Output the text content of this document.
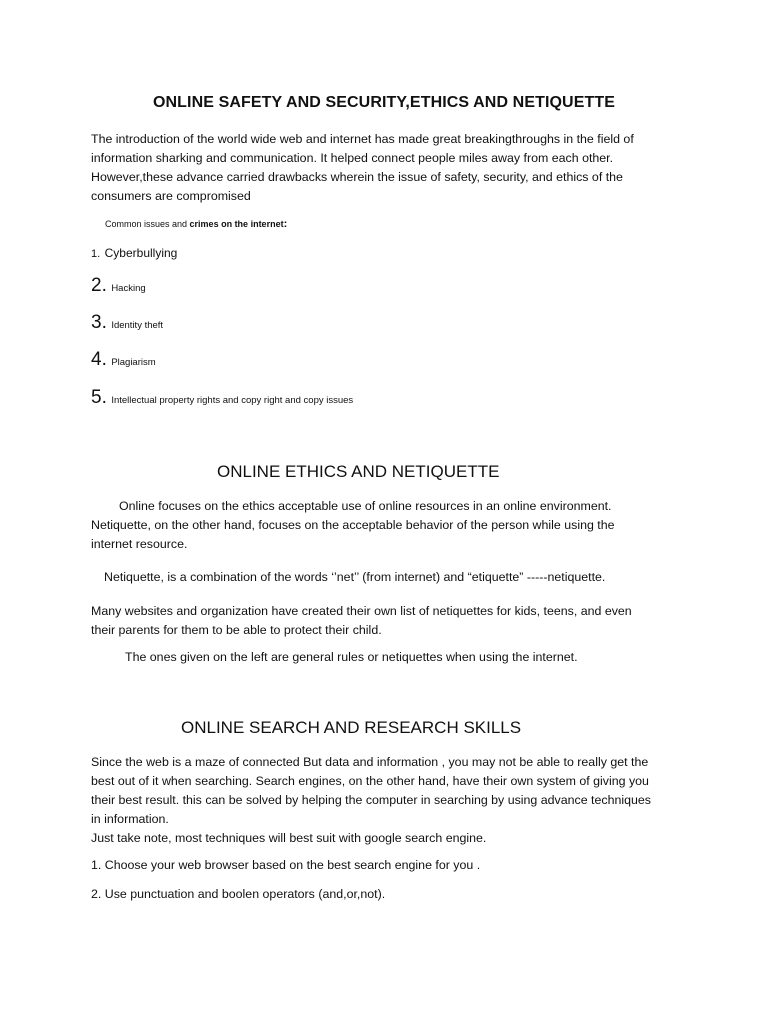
ONLINE SAFETY AND SECURITY,ETHICS AND NETIQUETTE
The introduction of the world wide web and internet has made great breakingthroughs in the field of
information sharking and communication. It helped connect people miles away from each other.
However,these advance carried drawbacks wherein the issue of safety, security, and ethics of the
consumers are compromised
Common issues and crimes on the internet:
1. Cyberbullying
2. Hacking
3. Identity theft
4. Plagiarism
5. Intellectual property rights and copy right and copy issues
ONLINE ETHICS AND NETIQUETTE
Online focuses on the ethics acceptable use of online resources in an online environment.
Netiquette, on the other hand, focuses on the acceptable behavior of the person while using the
internet resource.
Netiquette, is a combination of the words ‘’net’’ (from internet) and “etiquette” -----netiquette.
Many websites and organization have created their own list of netiquettes for kids, teens, and even
their parents for them to be able to protect their child.
The ones given on the left are general rules or netiquettes when using the internet.
ONLINE SEARCH AND RESEARCH SKILLS
Since the web is a maze of connected But data and information , you may not be able to really get the
best out of it when searching. Search engines, on the other hand, have their own system of giving you
their best result. this can be solved by helping the computer in searching by using advance techniques
in information.
Just take note, most techniques will best suit with google search engine.
1. Choose your web browser based on the best search engine for you .
2. Use punctuation and boolen operators (and,or,not).
